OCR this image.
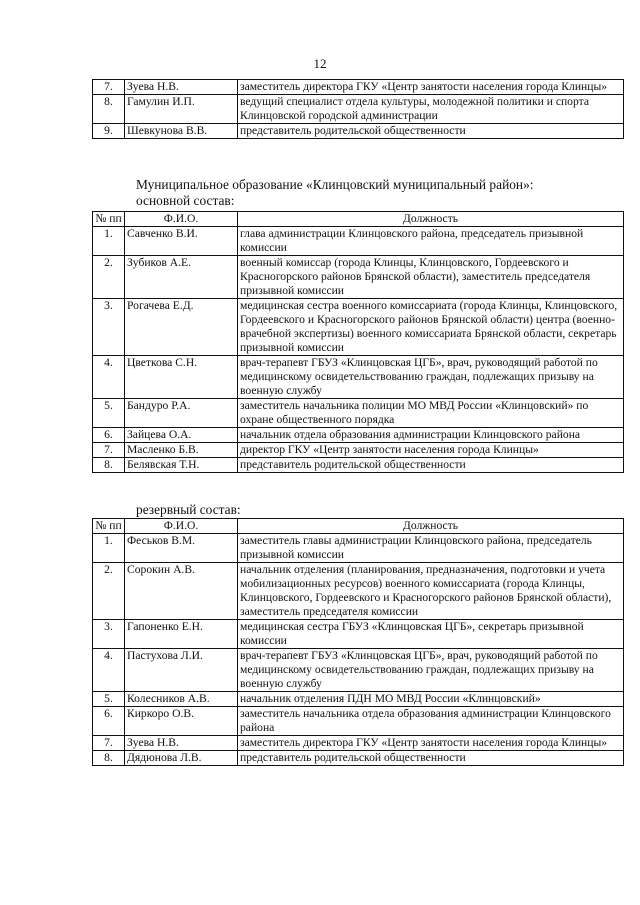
12
7.	Зуева Н.В.	заместитель директора ГКУ «Центр занятости населения города Клинцы»
8.	Гамулин И.П.	ведущий специалист отдела культуры, молодежной политики и спорта Клинцовской городской администрации
9.	Шевкунова В.В.	представитель родительской общественности
Муниципальное образование «Клинцовский муниципальный район»:
основной состав:
№ пп	Ф.И.О.	Должность
1.	Савченко В.И.	глава администрации Клинцовского района, председатель призывной комиссии
2.	Зубиков А.Е.	военный комиссар (города Клинцы, Клинцовского, Гордеевского и Красногорского районов Брянской области), заместитель председателя призывной комиссии
3.	Рогачева Е.Д.	медицинская сестра военного комиссариата (города Клинцы, Клинцовского, Гордеевского и Красногорского районов Брянской области) центра (военно-врачебной экспертизы) военного комиссариата Брянской области, секретарь призывной комиссии
4.	Цветкова С.Н.	врач-терапевт ГБУЗ «Клинцовская ЦГБ», врач, руководящий работой по медицинскому освидетельствованию граждан, подлежащих призыву на военную службу
5.	Бандуро Р.А.	заместитель начальника полиции МО МВД России «Клинцовский» по охране общественного порядка
6.	Зайцева О.А.	начальник отдела образования администрации Клинцовского района
7.	Масленко Б.В.	директор ГКУ «Центр занятости населения города Клинцы»
8.	Белявская Т.Н.	представитель родительской общественности
резервный состав:
№ пп	Ф.И.О.	Должность
1.	Феськов В.М.	заместитель главы администрации Клинцовского района, председатель призывной комиссии
2.	Сорокин А.В.	начальник отделения (планирования, предназначения, подготовки и учета мобилизационных ресурсов) военного комиссариата (города Клинцы, Клинцовского, Гордеевского и Красногорского районов Брянской области), заместитель председателя комиссии
3.	Гапоненко Е.Н.	медицинская сестра ГБУЗ «Клинцовская ЦГБ», секретарь призывной комиссии
4.	Пастухова Л.И.	врач-терапевт ГБУЗ «Клинцовская ЦГБ», врач, руководящий работой по медицинскому освидетельствованию граждан, подлежащих призыву на военную службу
5.	Колесников А.В.	начальник отделения ПДН МО МВД России «Клинцовский»
6.	Киркоро О.В.	заместитель начальника отдела образования администрации Клинцовского района
7.	Зуева Н.В.	заместитель директора ГКУ «Центр занятости населения города Клинцы»
8.	Дядюнова Л.В.	представитель родительской общественности
